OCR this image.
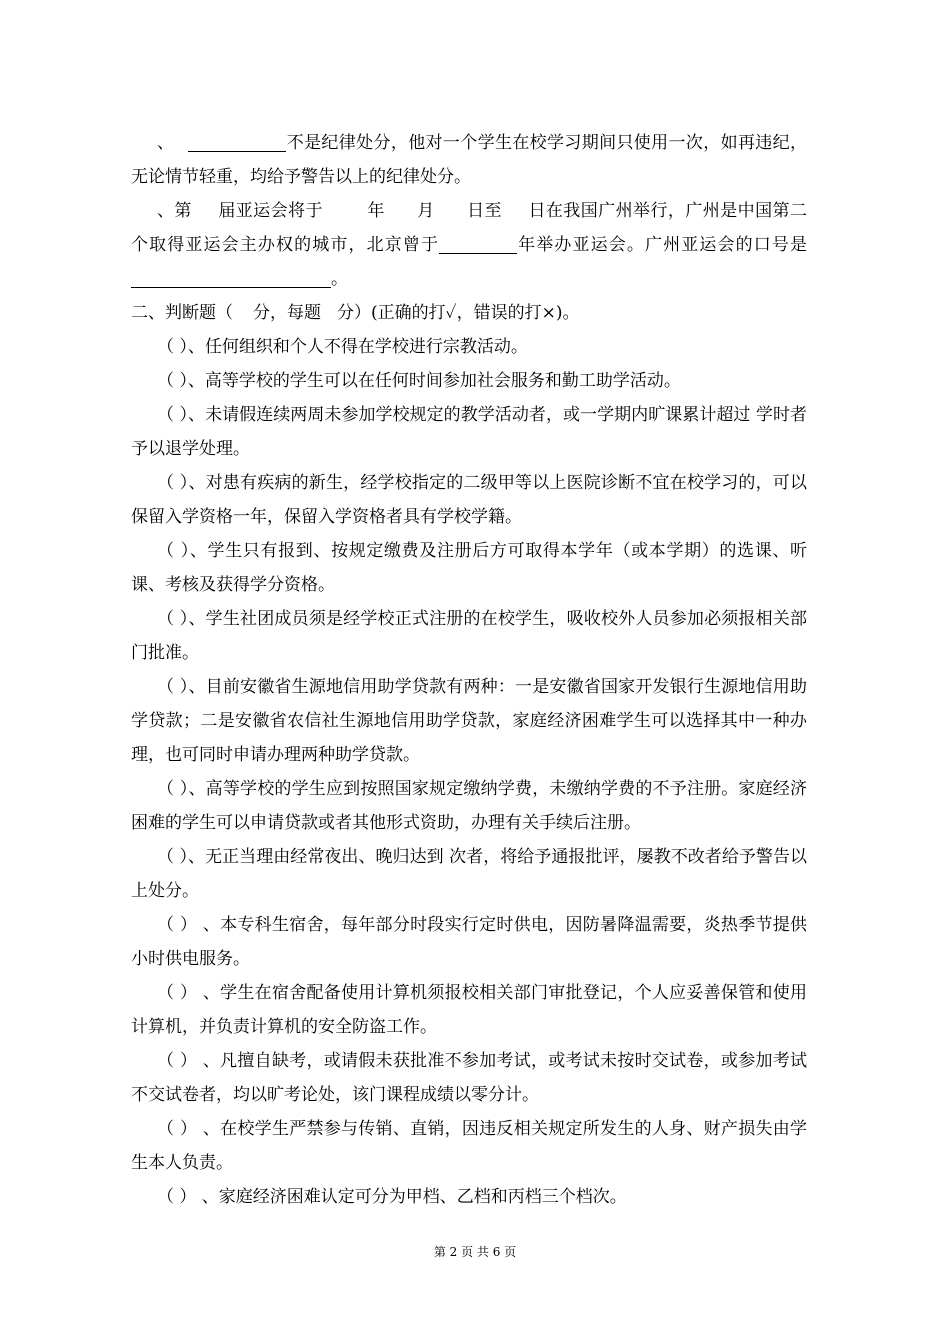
、	不是纪律处分，他对一个学生在校学习期间只使用一次，如再违纪，无论情节轻重，均给予警告以上的纪律处分。

、第 届亚运会将于	年 月 日至 日在我国广州举行，广州是中国第二个取得亚运会主办权的城市，北京曾于	年举办亚运会。广州亚运会的口号是。

二、判断题（ 分，每题 分）(正确的打✓，错误的打×)。

（ ）、任何组织和个人不得在学校进行宗教活动。

（ ）、高等学校的学生可以在任何时间参加社会服务和勤工助学活动。

（ ）、未请假连续两周未参加学校规定的教学活动者，或一学期内旷课累计超过 学时者予以退学处理。

（ ）、对患有疾病的新生，经学校指定的二级甲等以上医院诊断不宜在校学习的，可以保留入学资格一年，保留入学资格者具有学校学籍。

（ ）、学生只有报到、按规定缴费及注册后方可取得本学年（或本学期）的选课、听课、考核及获得学分资格。

（ ）、学生社团成员须是经学校正式注册的在校学生，吸收校外人员参加必须报相关部门批准。

（ ）、目前安徽省生源地信用助学贷款有两种：一是安徽省国家开发银行生源地信用助学贷款；二是安徽省农信社生源地信用助学贷款，家庭经济困难学生可以选择其中一种办理，也可同时申请办理两种助学贷款。

（ ）、高等学校的学生应到按照国家规定缴纳学费，未缴纳学费的不予注册。家庭经济困难的学生可以申请贷款或者其他形式资助，办理有关手续后注册。

（ ）、无正当理由经常夜出、晚归达到 次者，将给予通报批评，屡教不改者给予警告以上处分。

（ ） 、本专科生宿舍，每年部分时段实行定时供电，因防暑降温需要，炎热季节提供 小时供电服务。

（ ） 、学生在宿舍配备使用计算机须报校相关部门审批登记，个人应妥善保管和使用计算机，并负责计算机的安全防盗工作。

（ ） 、凡擅自缺考，或请假未获批准不参加考试，或考试未按时交试卷，或参加考试不交试卷者，均以旷考论处，该门课程成绩以零分计。

（ ） 、在校学生严禁参与传销、直销，因违反相关规定所发生的人身、财产损失由学生本人负责。

（ ） 、家庭经济困难认定可分为甲档、乙档和丙档三个档次。

第 2 页 共 6 页
